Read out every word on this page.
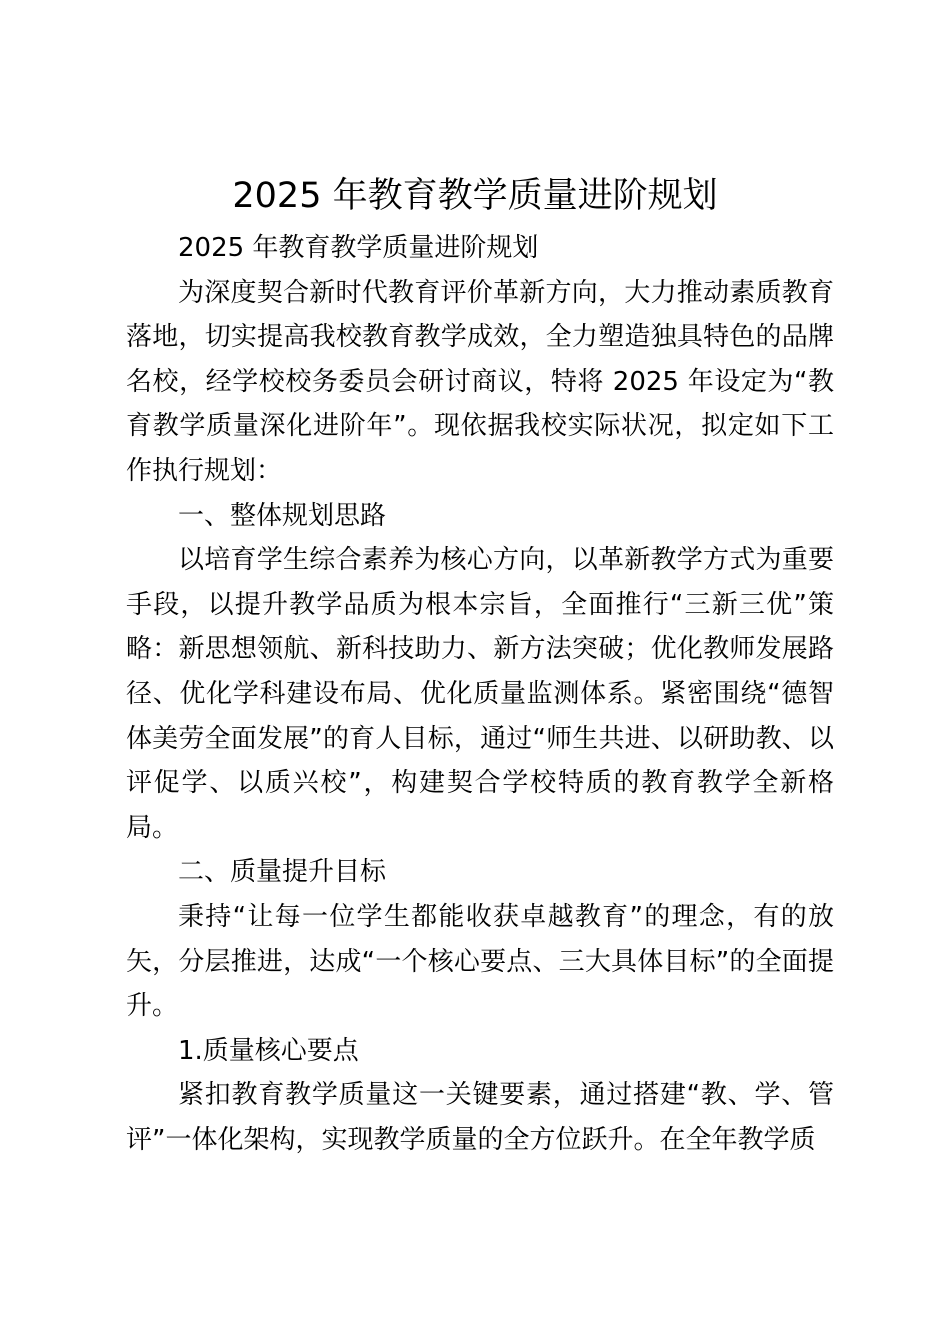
2025 年教育教学质量进阶规划

2025 年教育教学质量进阶规划

为深度契合新时代教育评价革新方向，大力推动素质教育落地，切实提高我校教育教学成效，全力塑造独具特色的品牌名校，经学校校务委员会研讨商议，特将 2025 年设定为“教育教学质量深化进阶年”。现依据我校实际状况，拟定如下工作执行规划：

一、整体规划思路

以培育学生综合素养为核心方向，以革新教学方式为重要手段，以提升教学品质为根本宗旨，全面推行“三新三优”策略：新思想领航、新科技助力、新方法突破；优化教师发展路径、优化学科建设布局、优化质量监测体系。紧密围绕“德智体美劳全面发展”的育人目标，通过“师生共进、以研助教、以评促学、以质兴校”，构建契合学校特质的教育教学全新格局。

二、质量提升目标

秉持“让每一位学生都能收获卓越教育”的理念，有的放矢，分层推进，达成“一个核心要点、三大具体目标”的全面提升。

1.质量核心要点

紧扣教育教学质量这一关键要素，通过搭建“教、学、管评”一体化架构，实现教学质量的全方位跃升。在全年教学质
